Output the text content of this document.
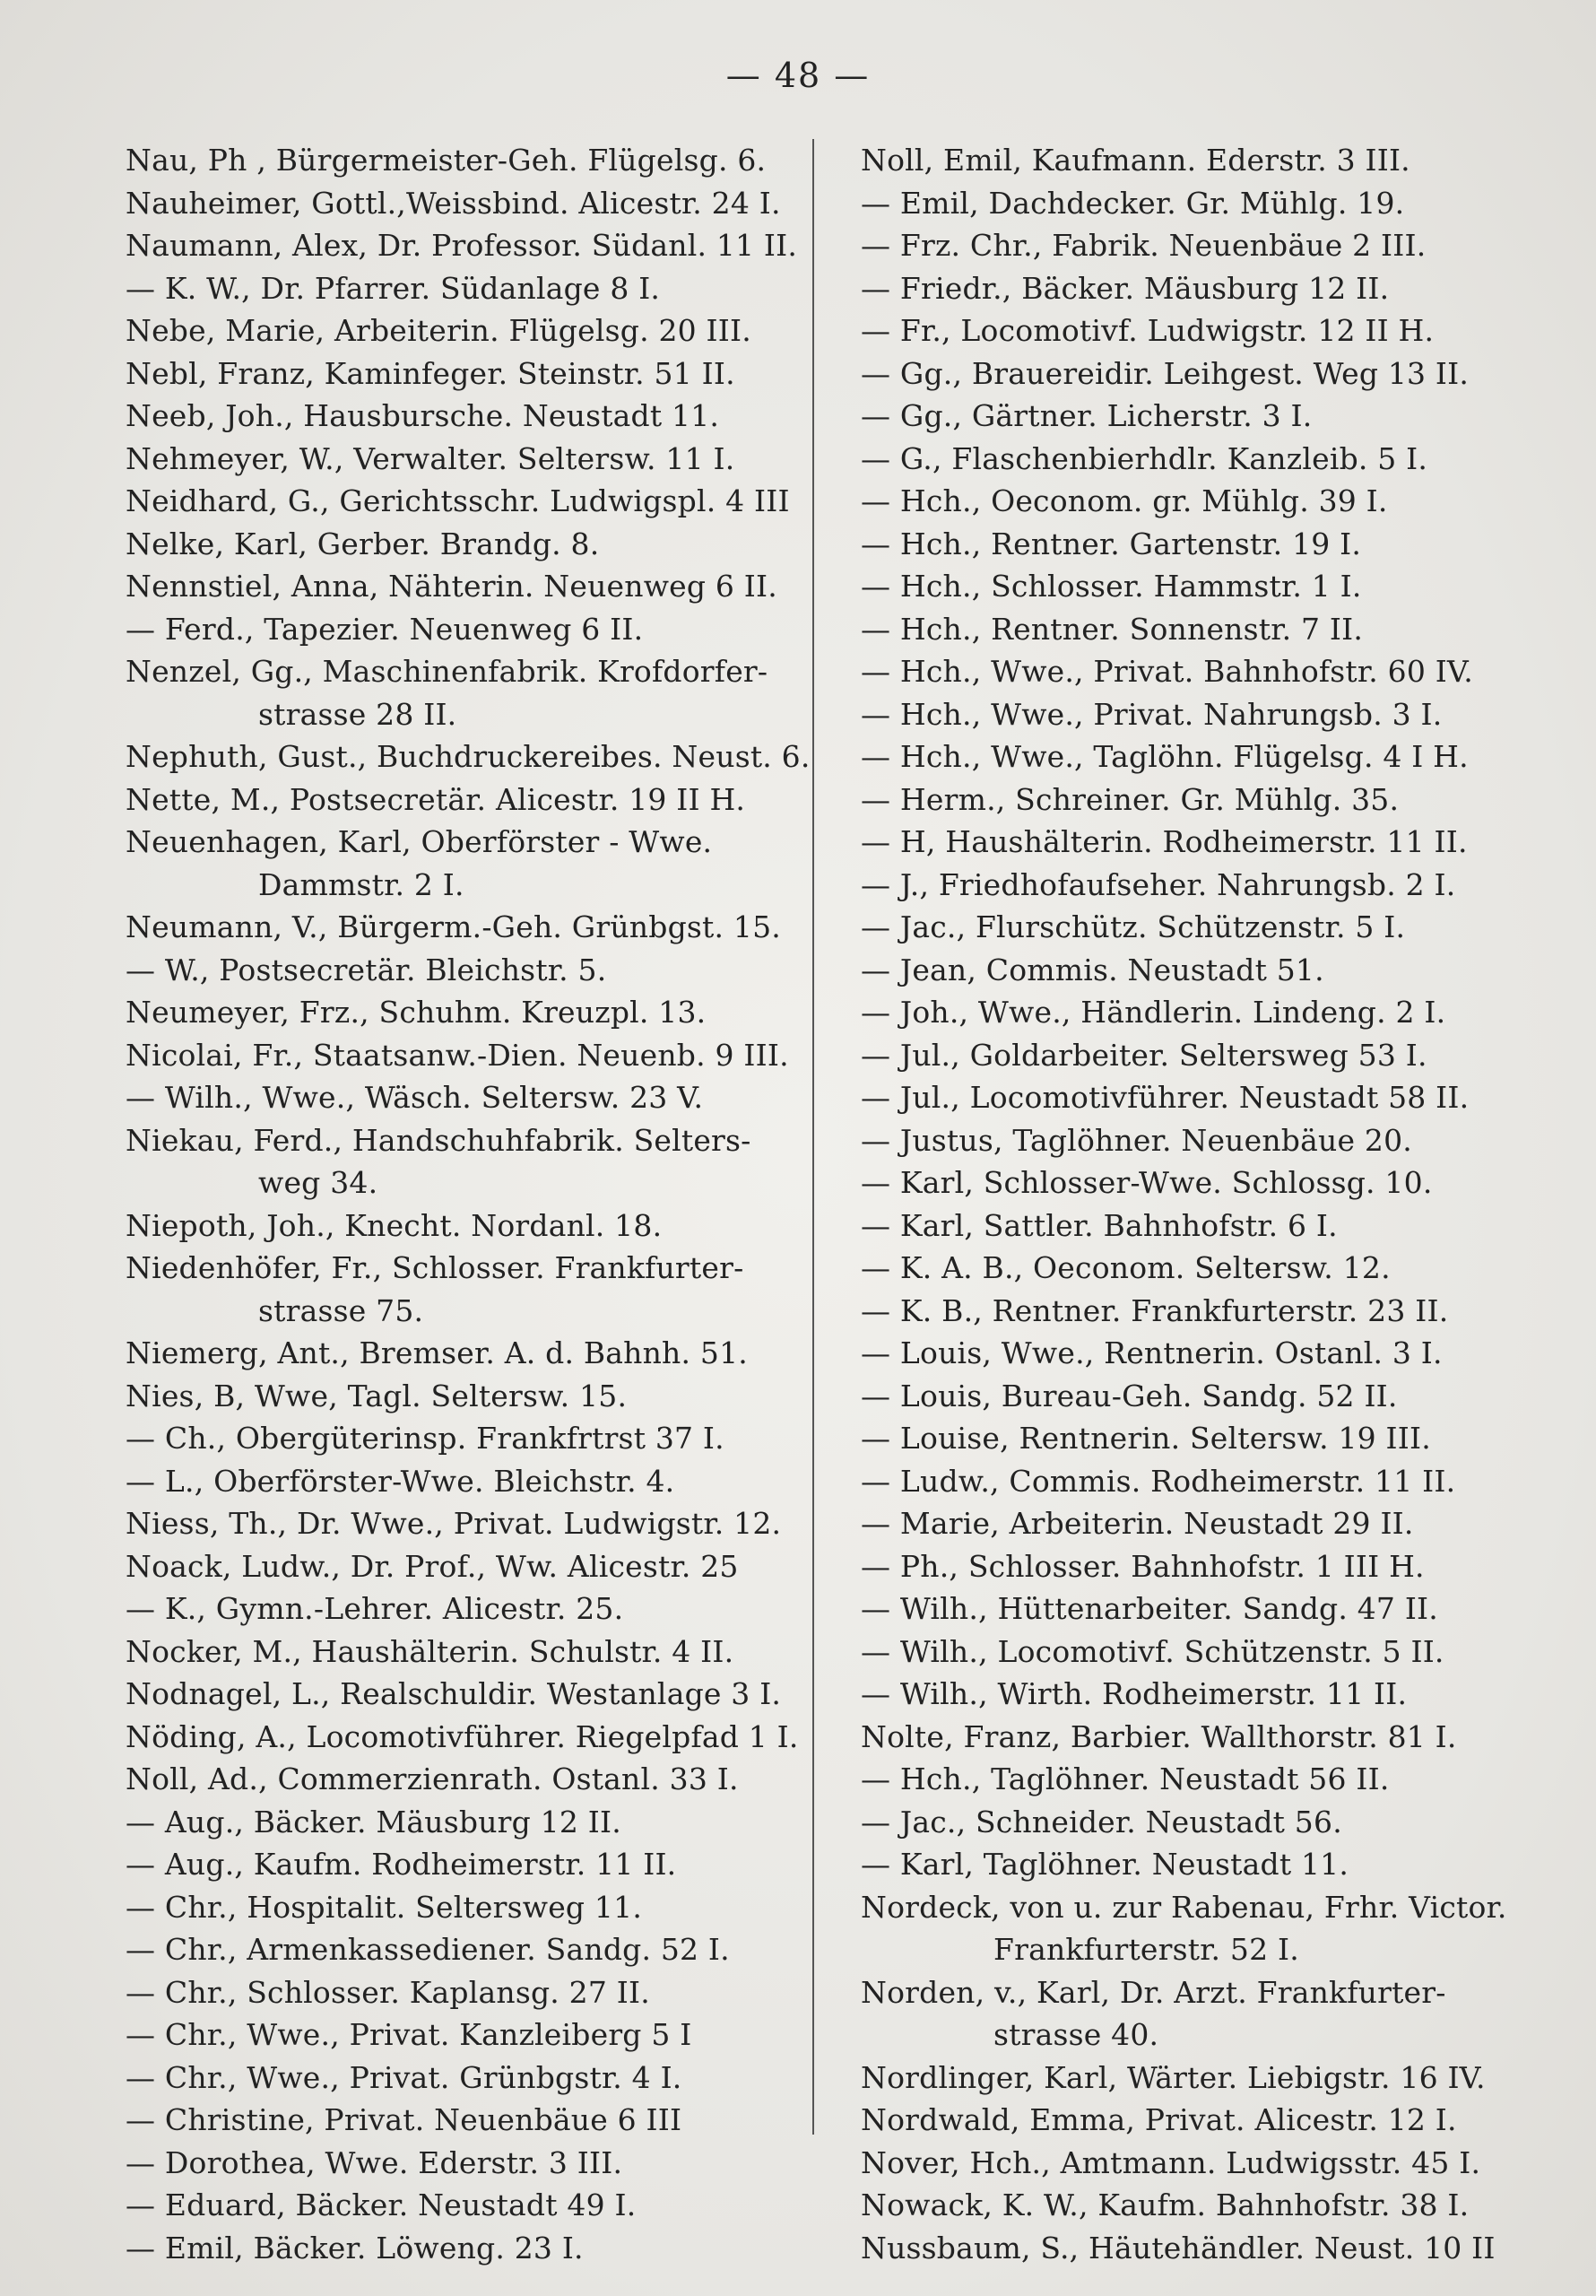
— 48 —
Nau, Ph , Bürgermeister-Geh. Flügelsg. 6.
Nauheimer, Gottl.,Weissbind. Alicestr. 24 I.
Naumann, Alex, Dr. Professor. Südanl. 11 II.
— K. W., Dr. Pfarrer. Südanlage 8 I.
Nebe, Marie, Arbeiterin. Flügelsg. 20 III.
Nebl, Franz, Kaminfeger. Steinstr. 51 II.
Neeb, Joh., Hausbursche. Neustadt 11.
Nehmeyer, W., Verwalter. Seltersw. 11 I.
Neidhard, G., Gerichtsschr. Ludwigspl. 4 III
Nelke, Karl, Gerber. Brandg. 8.
Nennstiel, Anna, Nähterin. Neuenweg 6 II.
— Ferd., Tapezier. Neuenweg 6 II.
Nenzel, Gg., Maschinenfabrik. Krofdorfer-
strasse 28 II.
Nephuth, Gust., Buchdruckereibes. Neust. 6.
Nette, M., Postsecretär. Alicestr. 19 II H.
Neuenhagen, Karl, Oberförster - Wwe.
Dammstr. 2 I.
Neumann, V., Bürgerm.-Geh. Grünbgst. 15.
— W., Postsecretär. Bleichstr. 5.
Neumeyer, Frz., Schuhm. Kreuzpl. 13.
Nicolai, Fr., Staatsanw.-Dien. Neuenb. 9 III.
— Wilh., Wwe., Wäsch. Seltersw. 23 V.
Niekau, Ferd., Handschuhfabrik. Selters-
weg 34.
Niepoth, Joh., Knecht. Nordanl. 18.
Niedenhöfer, Fr., Schlosser. Frankfurter-
strasse 75.
Niemerg, Ant., Bremser. A. d. Bahnh. 51.
Nies, B, Wwe, Tagl. Seltersw. 15.
— Ch., Obergüterinsp. Frankfrtrst 37 I.
— L., Oberförster-Wwe. Bleichstr. 4.
Niess, Th., Dr. Wwe., Privat. Ludwigstr. 12.
Noack, Ludw., Dr. Prof., Ww. Alicestr. 25
— K., Gymn.-Lehrer. Alicestr. 25.
Nocker, M., Haushälterin. Schulstr. 4 II.
Nodnagel, L., Realschuldir. Westanlage 3 I.
Nöding, A., Locomotivführer. Riegelpfad 1 I.
Noll, Ad., Commerzienrath. Ostanl. 33 I.
— Aug., Bäcker. Mäusburg 12 II.
— Aug., Kaufm. Rodheimerstr. 11 II.
— Chr., Hospitalit. Seltersweg 11.
— Chr., Armenkassediener. Sandg. 52 I.
— Chr., Schlosser. Kaplansg. 27 II.
— Chr., Wwe., Privat. Kanzleiberg 5 I
— Chr., Wwe., Privat. Grünbgstr. 4 I.
— Christine, Privat. Neuenbäue 6 III
— Dorothea, Wwe. Ederstr. 3 III.
— Eduard, Bäcker. Neustadt 49 I.
— Emil, Bäcker. Löweng. 23 I.
Noll, Emil, Kaufmann. Ederstr. 3 III.
— Emil, Dachdecker. Gr. Mühlg. 19.
— Frz. Chr., Fabrik. Neuenbäue 2 III.
— Friedr., Bäcker. Mäusburg 12 II.
— Fr., Locomotivf. Ludwigstr. 12 II H.
— Gg., Brauereidir. Leihgest. Weg 13 II.
— Gg., Gärtner. Licherstr. 3 I.
— G., Flaschenbierhdlr. Kanzleib. 5 I.
— Hch., Oeconom. gr. Mühlg. 39 I.
— Hch., Rentner. Gartenstr. 19 I.
— Hch., Schlosser. Hammstr. 1 I.
— Hch., Rentner. Sonnenstr. 7 II.
— Hch., Wwe., Privat. Bahnhofstr. 60 IV.
— Hch., Wwe., Privat. Nahrungsb. 3 I.
— Hch., Wwe., Taglöhn. Flügelsg. 4 I H.
— Herm., Schreiner. Gr. Mühlg. 35.
— H, Haushälterin. Rodheimerstr. 11 II.
— J., Friedhofaufseher. Nahrungsb. 2 I.
— Jac., Flurschütz. Schützenstr. 5 I.
— Jean, Commis. Neustadt 51.
— Joh., Wwe., Händlerin. Lindeng. 2 I.
— Jul., Goldarbeiter. Seltersweg 53 I.
— Jul., Locomotivführer. Neustadt 58 II.
— Justus, Taglöhner. Neuenbäue 20.
— Karl, Schlosser-Wwe. Schlossg. 10.
— Karl, Sattler. Bahnhofstr. 6 I.
— K. A. B., Oeconom. Seltersw. 12.
— K. B., Rentner. Frankfurterstr. 23 II.
— Louis, Wwe., Rentnerin. Ostanl. 3 I.
— Louis, Bureau-Geh. Sandg. 52 II.
— Louise, Rentnerin. Seltersw. 19 III.
— Ludw., Commis. Rodheimerstr. 11 II.
— Marie, Arbeiterin. Neustadt 29 II.
— Ph., Schlosser. Bahnhofstr. 1 III H.
— Wilh., Hüttenarbeiter. Sandg. 47 II.
— Wilh., Locomotivf. Schützenstr. 5 II.
— Wilh., Wirth. Rodheimerstr. 11 II.
Nolte, Franz, Barbier. Wallthorstr. 81 I.
— Hch., Taglöhner. Neustadt 56 II.
— Jac., Schneider. Neustadt 56.
— Karl, Taglöhner. Neustadt 11.
Nordeck, von u. zur Rabenau, Frhr. Victor.
Frankfurterstr. 52 I.
Norden, v., Karl, Dr. Arzt. Frankfurter-
strasse 40.
Nordlinger, Karl, Wärter. Liebigstr. 16 IV.
Nordwald, Emma, Privat. Alicestr. 12 I.
Nover, Hch., Amtmann. Ludwigsstr. 45 I.
Nowack, K. W., Kaufm. Bahnhofstr. 38 I.
Nussbaum, S., Häutehändler. Neust. 10 II
